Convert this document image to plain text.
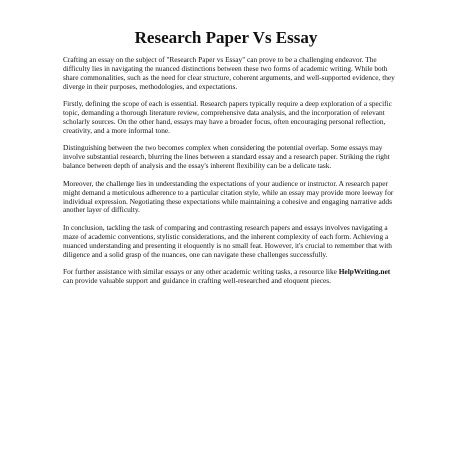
Research Paper Vs Essay

Crafting an essay on the subject of "Research Paper vs Essay" can prove to be a challenging endeavor. The difficulty lies in navigating the nuanced distinctions between these two forms of academic writing. While both share commonalities, such as the need for clear structure, coherent arguments, and well-supported evidence, they diverge in their purposes, methodologies, and expectations.

Firstly, defining the scope of each is essential. Research papers typically require a deep exploration of a specific topic, demanding a thorough literature review, comprehensive data analysis, and the incorporation of relevant scholarly sources. On the other hand, essays may have a broader focus, often encouraging personal reflection, creativity, and a more informal tone.

Distinguishing between the two becomes complex when considering the potential overlap. Some essays may involve substantial research, blurring the lines between a standard essay and a research paper. Striking the right balance between depth of analysis and the essay's inherent flexibility can be a delicate task.

Moreover, the challenge lies in understanding the expectations of your audience or instructor. A research paper might demand a meticulous adherence to a particular citation style, while an essay may provide more leeway for individual expression. Negotiating these expectations while maintaining a cohesive and engaging narrative adds another layer of difficulty.

In conclusion, tackling the task of comparing and contrasting research papers and essays involves navigating a maze of academic conventions, stylistic considerations, and the inherent complexity of each form. Achieving a nuanced understanding and presenting it eloquently is no small feat. However, it's crucial to remember that with diligence and a solid grasp of the nuances, one can navigate these challenges successfully.

For further assistance with similar essays or any other academic writing tasks, a resource like HelpWriting.net can provide valuable support and guidance in crafting well-researched and eloquent pieces.
